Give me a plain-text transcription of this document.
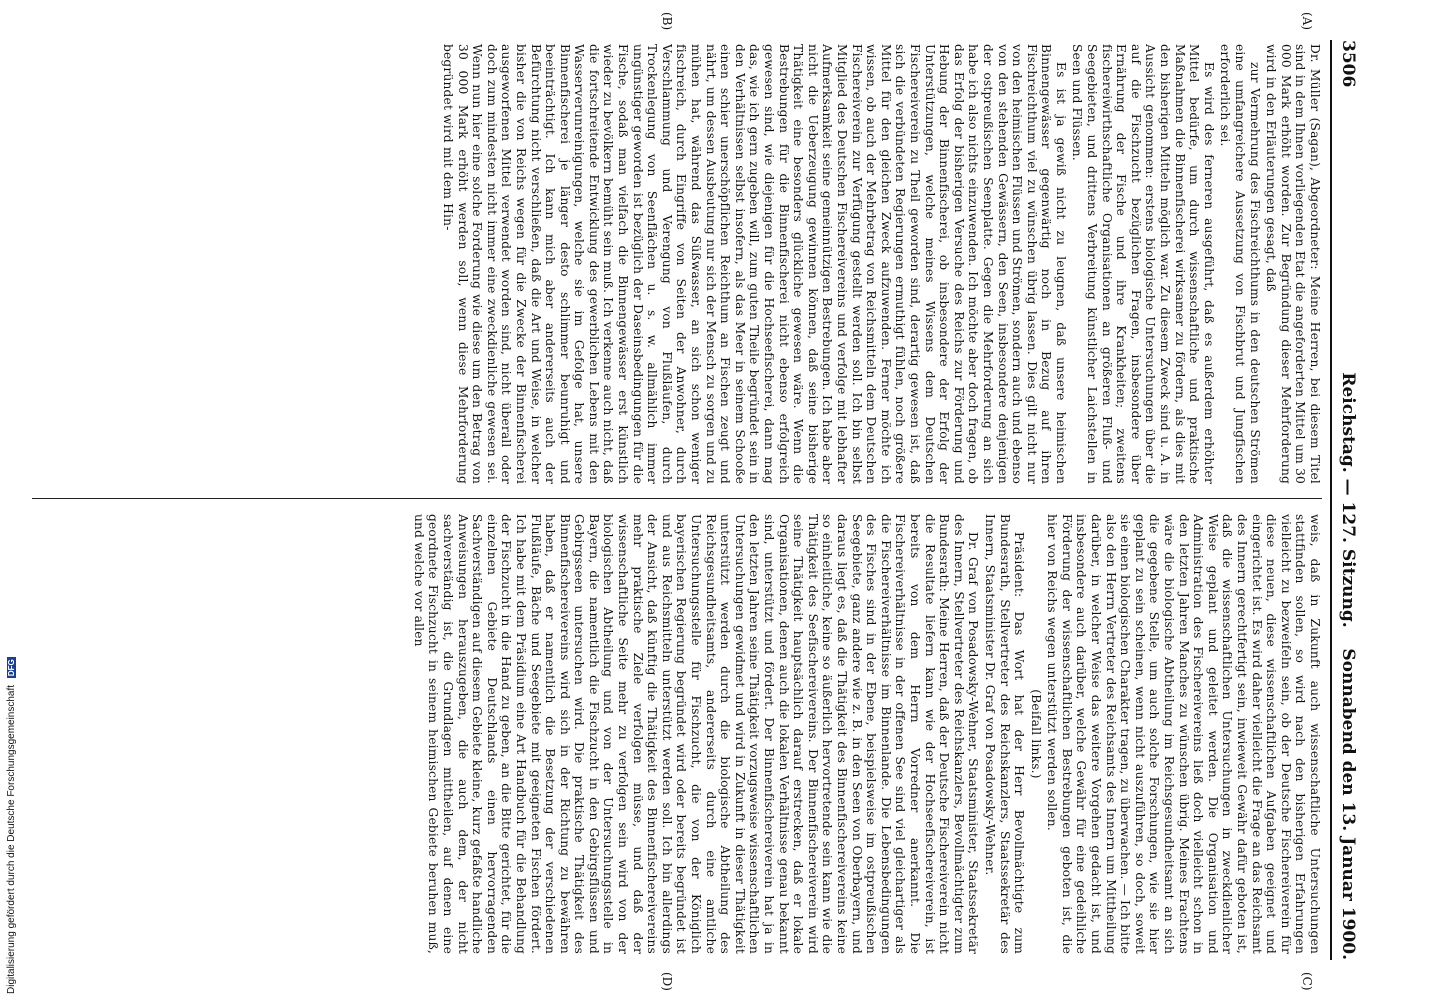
3506
Reichstag. — 127. Sitzung.
Sonnabend den 13. Januar 1900.
(A)
(B)
(C)
(D)

Dr. Müller (Sagan), Abgeordneter: Meine Herren, bei diesem Titel sind in dem Ihnen vorliegenden Etat die angeforderten Mittel um 30 000 Mark erhöht worden. Zur Begründung dieser Mehrforderung wird in den Erläuterungen gesagt, daß

zur Vermehrung des Fischreichthums in den deutschen Strömen eine umfangreichere Aussetzung von Fischbrut und Jungfischen erforderlich sei.

Es wird des ferneren ausgeführt, daß es außerdem erhöhter Mittel bedürfe, um durch wissenschaftliche und praktische Maßnahmen die Binnenfischerei wirksamer zu fördern, als dies mit den bisherigen Mitteln möglich war. Zu diesem Zweck sind u. A. in Aussicht genommen: erstens biologische Untersuchungen über die auf die Fischzucht bezüglichen Fragen, insbesondere über Ernährung der Fische und ihre Krankheiten; zweitens fischereiwirthschaftliche Organisationen an größeren Fluß- und Seegebieten, und drittens Verbreitung künstlicher Laichstellen in Seen und Flüssen.

Es ist ja gewiß nicht zu leugnen, daß unsere heimischen Binnengewässer gegenwärtig noch in Bezug auf ihren Fischreichthum viel zu wünschen übrig lassen. Dies gilt nicht nur von den heimischen Flüssen und Strömen, sondern auch und ebenso von den stehenden Gewässern, den Seen, insbesondere denjenigen der ostpreußischen Seenplatte. Gegen die Mehrforderung an sich habe ich also nichts einzuwenden. Ich möchte aber doch fragen, ob das Erfolg der bisherigen Versuche des Reichs zur Förderung und Hebung der Binnenfischerei, ob insbesondere der Erfolg der Unterstützungen, welche meines Wissens dem Deutschen Fischereiverein zu Theil geworden sind, derartig gewesen ist, daß sich die verbündeten Regierungen ermuthigt fühlen, noch größere Mittel für den gleichen Zweck aufzuwenden. Ferner möchte ich wissen, ob auch der Mehrbetrag von Reichsmitteln dem Deutschen Fischereiverein zur Verfügung gestellt werden soll. Ich bin selbst Mitglied des Deutschen Fischereivereins und verfolge mit lebhafter Aufmerksamkeit seine gemeinnützigen Bestrebungen. Ich habe aber nicht die Ueberzeugung gewinnen können, daß seine bisherige Thätigkeit eine besonders glückliche gewesen wäre. Wenn die Bestrebungen für die Binnenfischerei nicht ebenso erfolgreich gewesen sind, wie diejenigen für die Hochseefischerei, dann mag das, wie ich gern zugeben will, zum guten Theile begründet sein in den Verhältnissen selbst insofern, als das Meer in seinem Schooße einen schier unerschöpflichen Reichthum an Fischen zeugt und nährt, um dessen Ausbeutung nur sich der Mensch zu sorgen und zu mühen hat, während das Süßwasser, an sich schon weniger fischreich, durch Eingriffe von Seiten der Anwohner, durch Verschlammung und Verengung von Flußläufen, durch Trockenlegung von Seenflächen u. s. w. allmählich immer ungünstiger geworden ist bezüglich der Daseinsbedingungen für die Fische, sodaß man vielfach die Binnengewässer erst künstlich wieder zu bevölkern bemüht sein muß. Ich verkenne auch nicht, daß die fortschreitende Entwicklung des gewerblichen Lebens mit den Wasserverunreinigungen, welche sie im Gefolge hat, unsere Binnenfischerei je länger desto schlimmer beunruhigt und beeinträchtigt. Ich kann mich aber andererseits auch der Befürchtung nicht verschließen, daß die Art und Weise, in welcher bisher die von Reichs wegen für die Zwecke der Binnenfischerei ausgeworfenen Mittel verwendet worden sind, nicht überall oder doch zum mindesten nicht immer eine zweckdienliche gewesen sei. Wenn nun hier eine solche Forderung wie diese um den Betrag von 30 000 Mark erhöht werden soll, wenn diese Mehrforderung begründet wird mit dem Hin-

weis, daß in Zukunft auch wissenschaftliche Untersuchungen stattfinden sollen, so wird nach den bisherigen Erfahrungen vielleicht zu bezweifeln sein, ob der Deutsche Fischereiverein für diese neuen, diese wissenschaftlichen Aufgaben geeignet und eingerichtet ist. Es wird daher vielleicht die Frage an das Reichsamt des Innern gerechtfertigt sein, inwieweit Gewähr dafür geboten ist, daß die wissenschaftlichen Untersuchungen in zweckdienlicher Weise geplant und geleitet werden. Die Organisation und Administration des Fischereivereins ließ doch vielleicht schon in den letzten Jahren Manches zu wünschen übrig. Meines Erachtens wäre die biologische Abtheilung im Reichsgesundheitsamt an sich die gegebene Stelle, um auch solche Forschungen, wie sie hier geplant zu sein scheinen, wenn nicht auszuführen, so doch, soweit sie einen biologischen Charakter tragen, zu überwachen. — Ich bitte also den Herrn Vertreter des Reichsamts des Innern um Mittheilung darüber, in welcher Weise das weitere Vorgehen gedacht ist, und insbesondere auch darüber, welche Gewähr für eine gedeihliche Förderung der wissenschaftlichen Bestrebungen geboten ist, die hier von Reichs wegen unterstützt werden sollen.

(Beifall links.)

Präsident: Das Wort hat der Herr Bevollmächtigte zum Bundesrath, Stellvertreter des Reichskanzlers, Staatssekretär des Innern, Staatsminister Dr. Graf von Posadowsky-Wehner.

Dr. Graf von Posadowsky-Wehner, Staatsminister, Staatssekretär des Innern, Stellvertreter des Reichskanzlers, Bevollmächtigter zum Bundesrath: Meine Herren, daß der Deutsche Fischereiverein nicht die Resultate liefern kann wie der Hochseefischereiverein, ist bereits von dem Herrn Vorredner anerkannt. Die Fischereiverhältnisse in der offenen See sind viel gleichartiger als die Fischereiverhältnisse im Binnenlande. Die Lebensbedingungen des Fisches sind in der Ebene, beispielsweise im ostpreußischen Seegebiete, ganz andere wie z. B. in den Seen von Oberbayern, und daraus liegt es, daß die Thätigkeit des Binnenfischereivereins keine so einheitliche, keine so äußerlich hervortretende sein kann wie die Thätigkeit des Seefischereivereins. Der Binnenfischereiverein wird seine Thätigkeit hauptsächlich darauf erstrecken, daß er lokale Organisationen, denen auch die lokalen Verhältnisse genau bekannt sind, unterstützt und fördert. Der Binnenfischereiverein hat ja in den letzten Jahren seine Thätigkeit vorzugsweise wissenschaftlichen Untersuchungen gewidmet und wird in Zukunft in dieser Thätigkeit unterstützt werden durch die biologische Abtheilung des Reichsgesundheitsamts, andererseits durch eine amtliche Untersuchungsstelle für Fischzucht, die von der Königlich bayerischen Regierung begründet wird oder bereits begründet ist und aus Reichsmitteln unterstützt werden soll. Ich bin allerdings der Ansicht, daß künftig die Thätigkeit des Binnenfischereivereins mehr praktische Ziele verfolgen müsse, und daß der wissenschaftliche Seite mehr zu verfolgen sein wird von der biologischen Abtheilung und von der Untersuchungsstelle in Bayern, die namentlich die Fischzucht in den Gebirgsflüssen und Gebirgsseen untersuchen wird. Die praktische Thätigkeit des Binnenfischereivereins wird sich in der Richtung zu bewähren haben, daß er namentlich die Besetzung der verschiedenen Flußläufe, Bäche und Seegebiete mit geeigneten Fischen fördert. Ich habe mit dem Präsidium eine Art Handbuch für die Behandlung der Fischzucht in die Hand zu geben, an die Bitte gerichtet, für die einzelnen Gebiete Deutschlands einen hervorragenden Sachverständigen auf diesem Gebiete kleine, kurz gefaßte handliche Anweisungen herauszugeben, die auch dem, der nicht sachverständig ist, die Grundlagen mittheilen, auf denen eine geordnete Fischzucht in seinem heimischen Gebiete beruhen muß, und welche vor allen

Digitalisierung gefördert durch die Deutsche Forschungsgemeinschaft DFG
